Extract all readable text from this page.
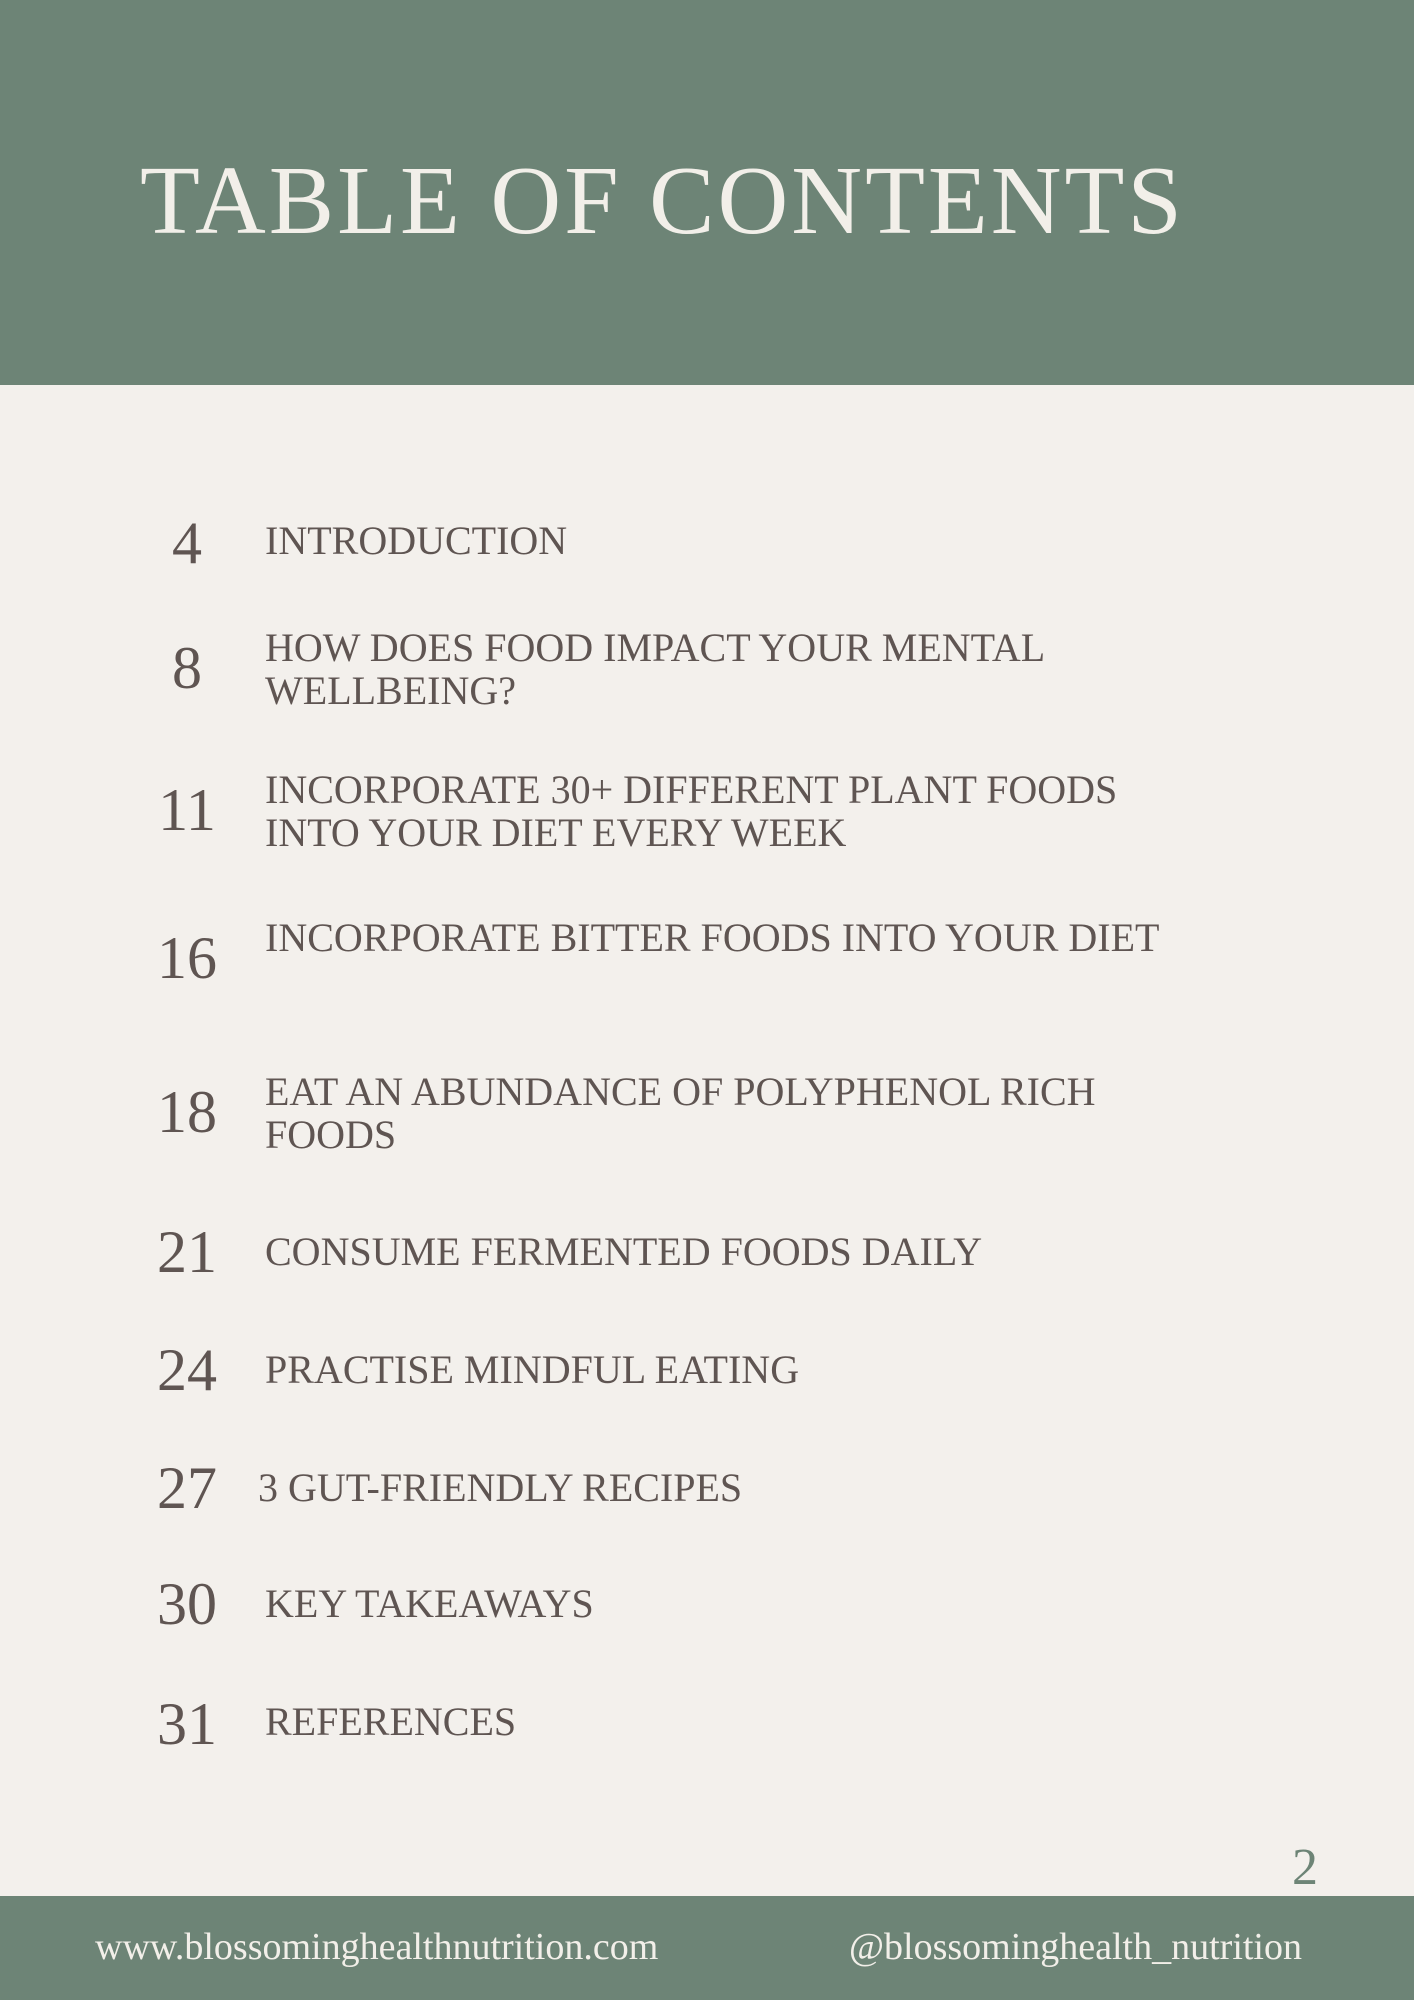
TABLE OF CONTENTS
4	INTRODUCTION
8	HOW DOES FOOD IMPACT YOUR MENTAL WELLBEING?
11	INCORPORATE 30+ DIFFERENT PLANT FOODS INTO YOUR DIET EVERY WEEK
16	INCORPORATE BITTER FOODS INTO YOUR DIET
18	EAT AN ABUNDANCE OF POLYPHENOL RICH FOODS
21	CONSUME FERMENTED FOODS DAILY
24	PRACTISE MINDFUL EATING
27	3 GUT-FRIENDLY RECIPES
30	KEY TAKEAWAYS
31	REFERENCES
2
www.blossominghealthnutrition.com	@blossominghealth_nutrition
